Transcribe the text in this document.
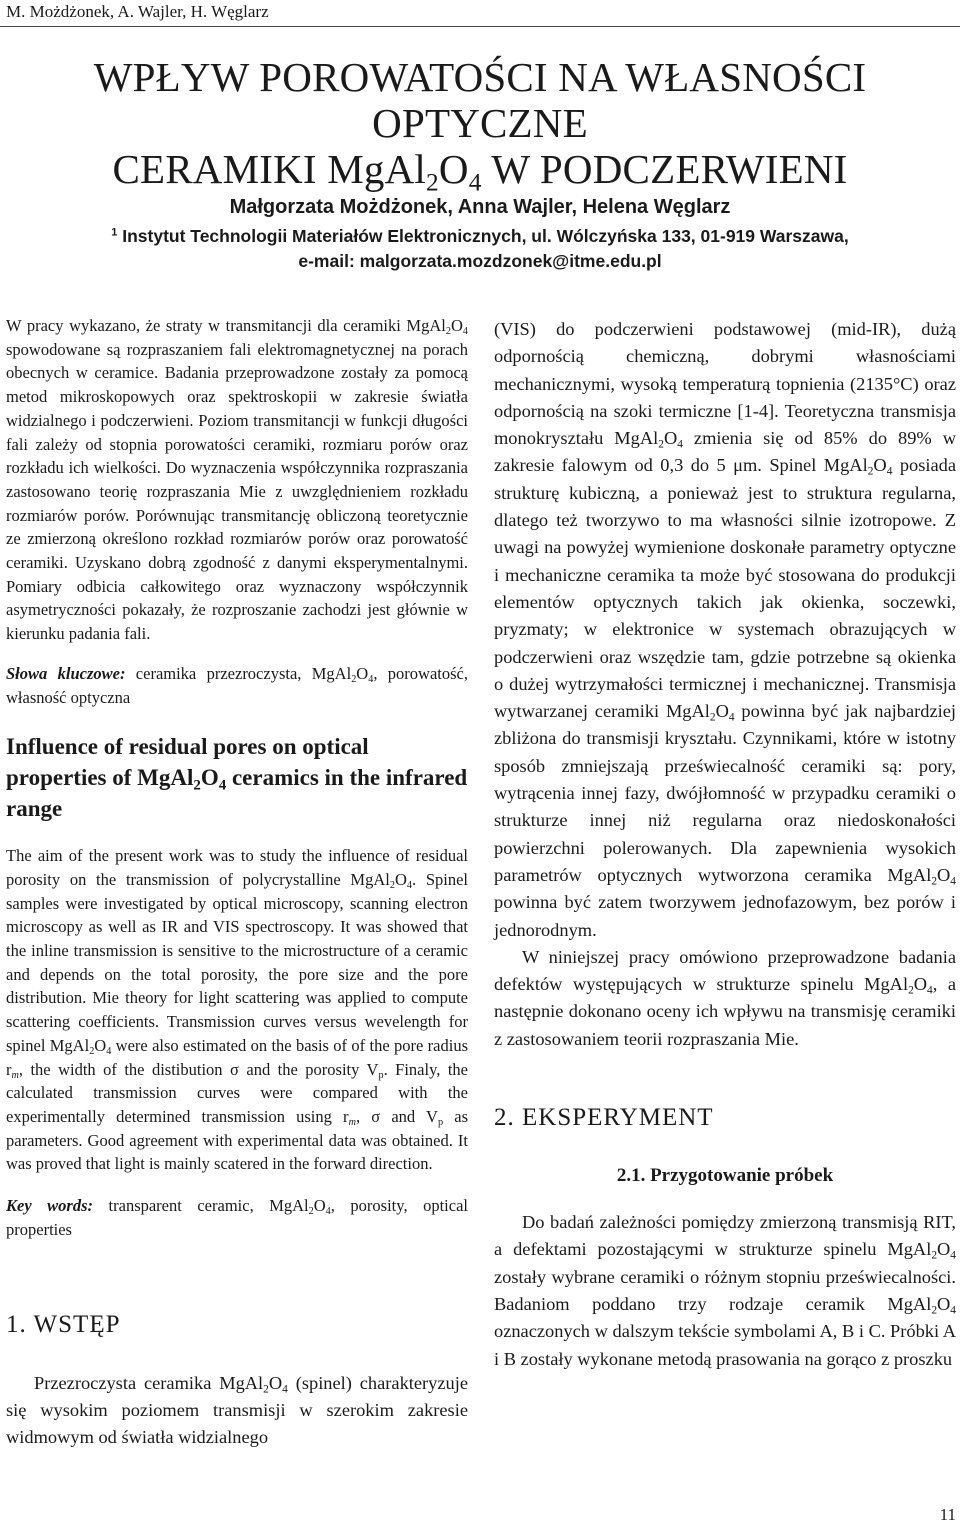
M. Możdżonek, A. Wajler, H. Węglarz
WPŁYW POROWATOŚCI NA WŁASNOŚCI OPTYCZNE
CERAMIKI $MgAl_2O_4$ W PODCZERWIENI
Małgorzata Możdżonek, Anna Wajler, Helena Węglarz
$^1$ Instytut Technologii Materiałów Elektronicznych, ul. Wólczyńska 133, 01-919 Warszawa,
e-mail: malgorzata.mozdzonek@itme.edu.pl

W pracy wykazano, że straty w transmitancji dla ceramiki $MgAl_2O_4$ spowodowane są rozpraszaniem fali elektromagnetycznej na porach obecnych w ceramice. Badania przeprowadzone zostały za pomocą metod mikroskopowych oraz spektroskopii w zakresie światła widzialnego i podczerwieni. Poziom transmitancji w funkcji długości fali zależy od stopnia porowatości ceramiki, rozmiaru porów oraz rozkładu ich wielkości. Do wyznaczenia współczynnika rozpraszania zastosowano teorię rozpraszania Mie z uwzględnieniem rozkładu rozmiarów porów. Porównując transmitancję obliczoną teoretycznie ze zmierzoną określono rozkład rozmiarów porów oraz porowatość ceramiki. Uzyskano dobrą zgodność z danymi eksperymentalnymi. Pomiary odbicia całkowitego oraz wyznaczony współczynnik asymetryczności pokazały, że rozproszanie zachodzi jest głównie w kierunku padania fali.

Słowa kluczowe: ceramika przezroczysta, $MgAl_2O_4$, porowatość, własność optyczna

Influence of residual pores on optical properties of $MgAl_2O_4$ ceramics in the infrared range

The aim of the present work was to study the influence of residual porosity on the transmission of polycrystalline $MgAl_2O_4$. Spinel samples were investigated by optical microscopy, scanning electron microscopy as well as IR and VIS spectroscopy. It was showed that the inline transmission is sensitive to the microstructure of a ceramic and depends on the total porosity, the pore size and the pore distribution. Mie theory for light scattering was applied to compute scattering coefficients. Transmission curves versus wevelength for spinel $MgAl_2O_4$ were also estimated on the basis of of the pore radius $r_m$, the width of the distibution σ and the porosity $V_p$. Finaly, the calculated transmission curves were compared with the experimentally determined transmission using $r_m$, σ and $V_p$ as parameters. Good agreement with experimental data was obtained. It was proved that light is mainly scatered in the forward direction.

Key words: transparent ceramic, $MgAl_2O_4$, porosity, optical properties

1. WSTĘP

Przezroczysta ceramika $MgAl_2O_4$ (spinel) charakteryzuje się wysokim poziomem transmisji w szerokim zakresie widmowym od światła widzialnego

(VIS) do podczerwieni podstawowej (mid-IR), dużą odpornością chemiczną, dobrymi własnościami mechanicznymi, wysoką temperaturą topnienia (2135°C) oraz odpornością na szoki termiczne [1-4]. Teoretyczna transmisja monokryształu $MgAl_2O_4$ zmienia się od 85% do 89% w zakresie falowym od 0,3 do 5 μm. Spinel $MgAl_2O_4$ posiada strukturę kubiczną, a ponieważ jest to struktura regularna, dlatego też tworzywo to ma własności silnie izotropowe. Z uwagi na powyżej wymienione doskonałe parametry optyczne i mechaniczne ceramika ta może być stosowana do produkcji elementów optycznych takich jak okienka, soczewki, pryzmaty; w elektronice w systemach obrazujących w podczerwieni oraz wszędzie tam, gdzie potrzebne są okienka o dużej wytrzymałości termicznej i mechanicznej. Transmisja wytwarzanej ceramiki $MgAl_2O_4$ powinna być jak najbardziej zbliżona do transmisji kryształu. Czynnikami, które w istotny sposób zmniejszają przeświecalność ceramiki są: pory, wytrącenia innej fazy, dwójłomność w przypadku ceramiki o strukturze innej niż regularna oraz niedoskonałości powierzchni polerowanych. Dla zapewnienia wysokich parametrów optycznych wytworzona ceramika $MgAl_2O_4$ powinna być zatem tworzywem jednofazowym, bez porów i jednorodnym.

W niniejszej pracy omówiono przeprowadzone badania defektów występujących w strukturze spinelu $MgAl_2O_4$, a następnie dokonano oceny ich wpływu na transmisję ceramiki z zastosowaniem teorii rozpraszania Mie.

2. EKSPERYMENT
2.1. Przygotowanie próbek

Do badań zależności pomiędzy zmierzoną transmisją RIT, a defektami pozostającymi w strukturze spinelu $MgAl_2O_4$ zostały wybrane ceramiki o różnym stopniu przeświecalności. Badaniom poddano trzy rodzaje ceramik $MgAl_2O_4$ oznaczonych w dalszym tekście symbolami A, B i C. Próbki A i B zostały wykonane metodą prasowania na gorąco z proszku

11
